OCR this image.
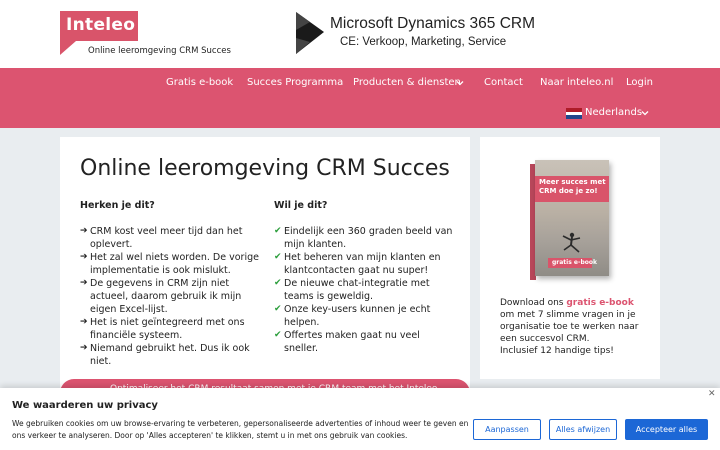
Inteleo
Online leeromgeving CRM Succes
Microsoft Dynamics 365 CRM
CE: Verkoop, Marketing, Service
Gratis e-book Succes Programma Producten & diensten Contact Naar inteleo.nl Login
Nederlands
Online leeromgeving CRM Succes
Herken je dit?
➔ CRM kost veel meer tijd dan het oplevert.
➔ Het zal wel niets worden. De vorige implementatie is ook mislukt.
➔ De gegevens in CRM zijn niet actueel, daarom gebruik ik mijn eigen Excel-lijst.
➔ Het is niet geïntegreerd met ons financiële systeem.
➔ Niemand gebruikt het. Dus ik ook niet.
Wil je dit?
✔ Eindelijk een 360 graden beeld van mijn klanten.
✔ Het beheren van mijn klanten en klantcontacten gaat nu super!
✔ De nieuwe chat-integratie met teams is geweldig.
✔ Onze key-users kunnen je echt helpen.
✔ Offertes maken gaat nu veel sneller.
Meer succes met CRM doe je zo!
gratis e-book
Download ons gratis e-book om met 7 slimme vragen in je organisatie toe te werken naar een succesvol CRM.
Inclusief 12 handige tips!
✕
We waarderen uw privacy
We gebruiken cookies om uw browse-ervaring te verbeteren, gepersonaliseerde advertenties of inhoud weer te geven en ons verkeer te analyseren. Door op 'Alles accepteren' te klikken, stemt u in met ons gebruik van cookies.
Aanpassen	Alles afwijzen	Accepteer alles
